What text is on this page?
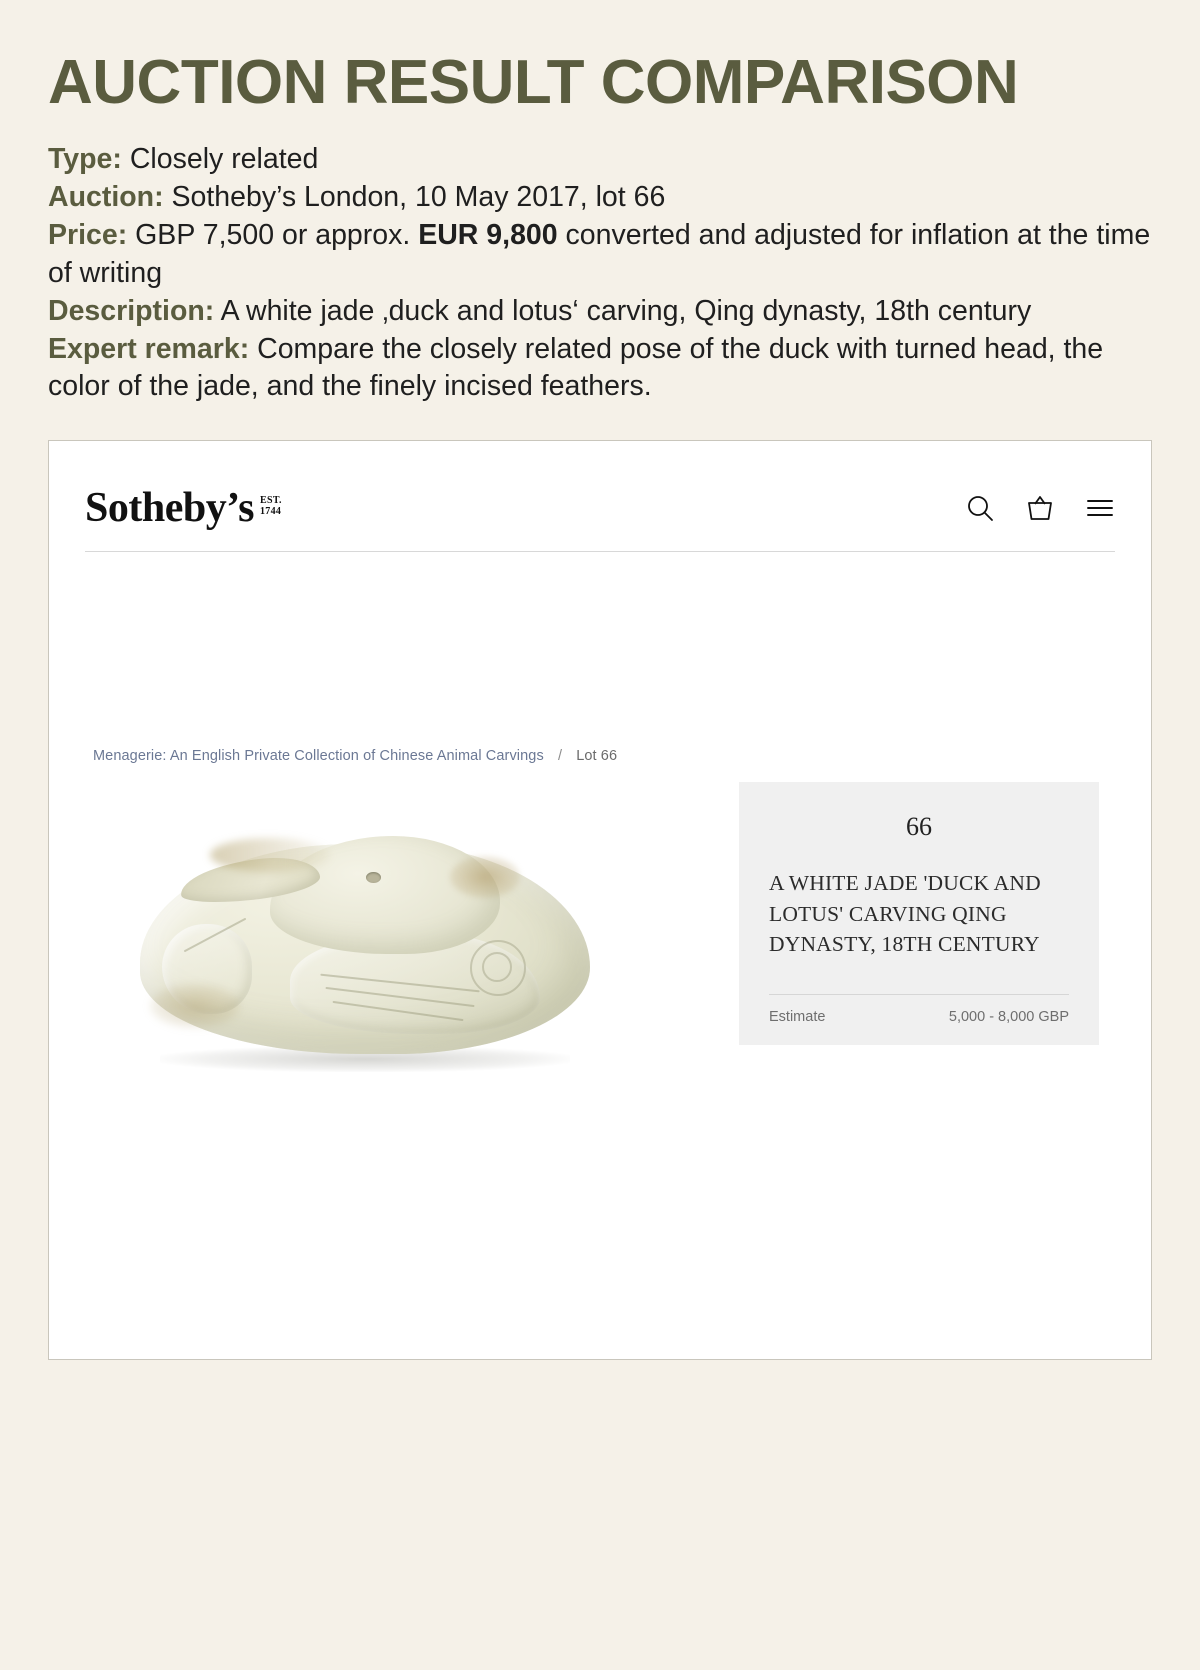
AUCTION RESULT COMPARISON

Type: Closely related

Auction: Sotheby’s London, 10 May 2017, lot 66

Price: GBP 7,500 or approx. EUR 9,800 converted and adjusted for inflation at the time of writing

Description: A white jade ‚duck and lotus‘ carving, Qing dynasty, 18th century

Expert remark: Compare the closely related pose of the duck with turned head, the color of the jade, and the finely incised feathers.

Sotheby’s EST.
1744
Menagerie: An English Private Collection of Chinese Animal Carvings / Lot 66
66
A WHITE JADE 'DUCK AND LOTUS' CARVING QING DYNASTY, 18TH CENTURY
Estimate	5,000 - 8,000 GBP
